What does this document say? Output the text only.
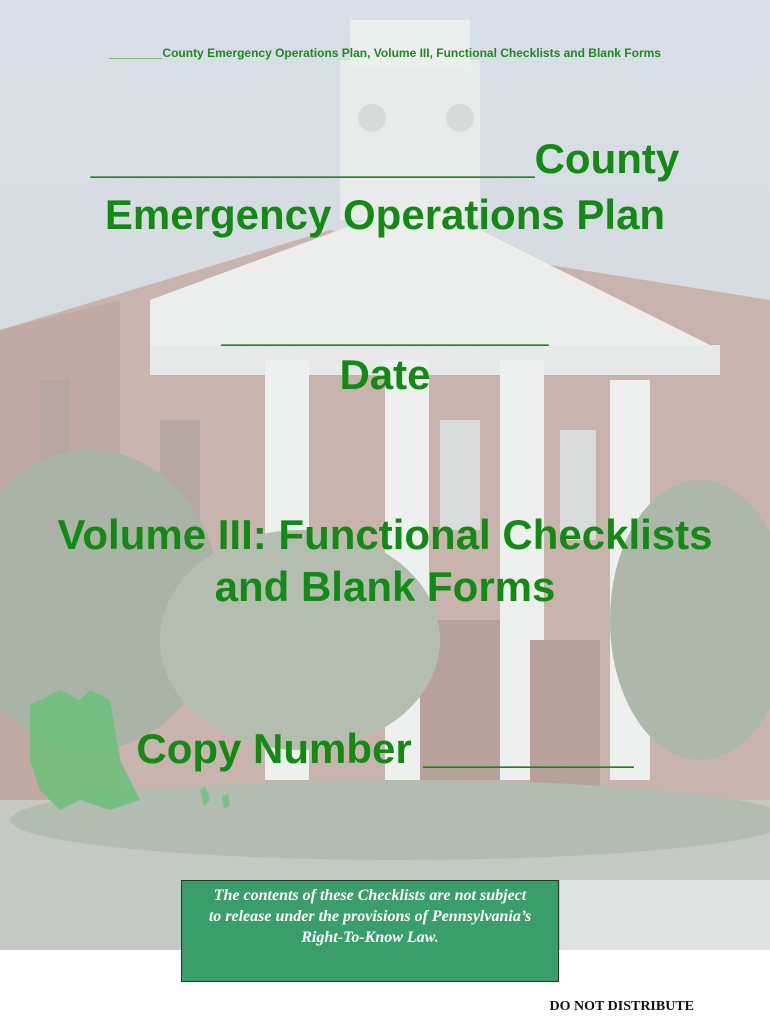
________County Emergency Operations Plan, Volume III, Functional Checklists and Blank Forms
___________________County
Emergency Operations Plan
______________
Date
Volume III: Functional Checklists
and Blank Forms
Copy Number _________
The contents of these Checklists are not subject
to release under the provisions of Pennsylvania’s
Right-To-Know Law.
DO NOT DISTRIBUTE
